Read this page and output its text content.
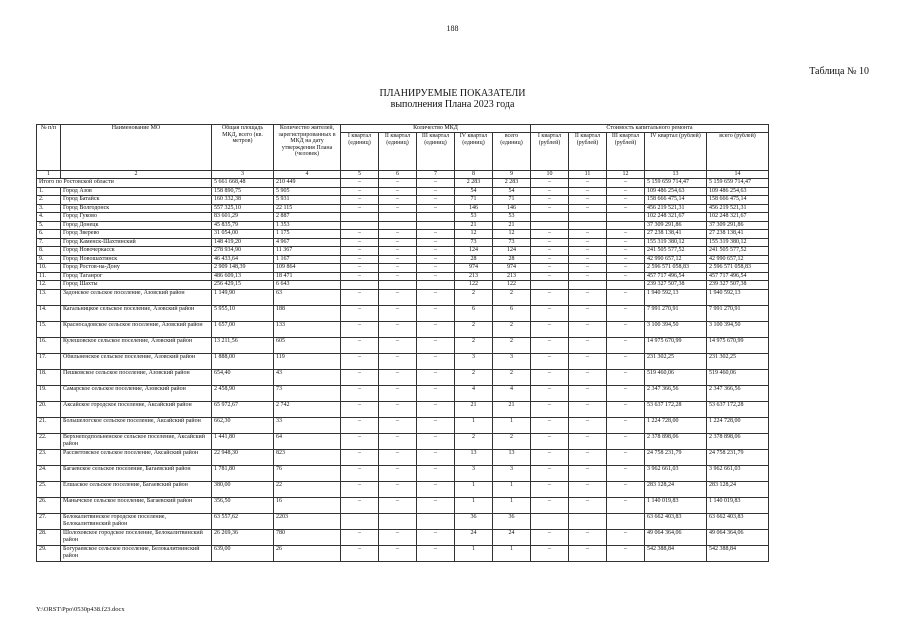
188
Таблица № 10
ПЛАНИРУЕМЫЕ ПОКАЗАТЕЛИ
выполнения Плана 2023 года
№ п/п	Наименование МО	Общая площадь МКД, всего (кв. метров)	Количество жителей, зарегистрированных в МКД на дату утверждения Плана (человек)	Количество МКД					Стоимость капитального ремонта				
				I квартал (единиц)	II квартал (единиц)	III квартал (единиц)	IV квартал (единиц)	всего (единиц)	I квартал (рублей)	II квартал (рублей)	III квартал (рублей)	IV квартал (рублей)	всего (рублей)
1	2	3	4	5	6	7	8	9	10	11	12	13	14
Итого по Ростовской области		5 661 668,48	210 449	–	–	–	2 283	2 283	–	–	–	5 159 659 714,47	5 159 659 714,47
1.	Город Азов	158 890,75	5 905	–	–	–	54	54	–	–	–	109 486 254,63	109 486 254,63
2.	Город Батайск	160 332,38	5 931	–	–	–	71	71	–	–	–	158 666 475,14	158 666 475,14
3.	Город Волгодонск	557 325,10	22 115	–	–	–	146	146	–	–	–	456 219 521,31	456 219 521,31
4.	Город Гуково	83 601,29	2 887				53	53				102 248 321,67	102 248 321,67
5.	Город Донецк	45 835,79	1 353				21	21				37 309 291,86	37 309 291,86
6.	Город Зверево	31 054,00	1 175	–	–	–	12	12	–	–	–	27 238 138,41	27 238 138,41
7.	Город Каменск-Шахтинский	148 419,20	4 967	–	–	–	73	73	–	–	–	155 319 380,12	155 319 380,12
8.	Город Новочеркасск	278 934,90	11 367	–	–	–	124	124	–	–	–	241 505 577,52	241 505 577,52
9.	Город Новошахтинск	46 433,64	1 167	–	–	–	28	28	–	–	–	42 990 657,12	42 990 657,12
10.	Город Ростов-на-Дону	2 909 148,39	109 864	–	–	–	974	974	–	–	–	2 596 571 058,83	2 596 571 058,83
11.	Город Таганрог	486 609,13	18 471	–	–	–	213	213	–	–	–	457 717 496,54	457 717 496,54
12.	Город Шахты	256 429,15	6 643				122	122				239 327 507,38	239 327 507,38
13.	Задонское сельское поселение, Азовский район	1 149,90	63	–	–	–	2	2	–	–	–	1 940 592,13	1 940 592,13
14.	Кагальницкое сельское поселение, Азовский район	5 955,10	188	–	–	–	6	6	–	–	–	7 991 270,91	7 991 270,91
15.	Красносадовское сельское поселение, Азовский район	1 657,00	133	–	–	–	2	2	–	–	–	3 100 394,50	3 100 394,50
16.	Кулешовское сельское поселение, Азовский район	13 211,56	605	–	–	–	2	2	–	–	–	14 975 670,99	14 975 670,99
17.	Обильненское сельское поселение, Азовский район	1 888,00	119	–	–	–	3	3	–	–	–	231 302,25	231 302,25
18.	Пешковское сельское поселение, Азовский район	654,40	43	–	–	–	2	2	–	–	–	519 460,06	519 460,06
19.	Самарское сельское поселение, Азовский район	2 458,90	73	–	–	–	4	4	–	–	–	2 347 366,56	2 347 366,56
20.	Аксайское городское поселение, Аксайский район	65 972,67	2 742	–	–	–	21	21	–	–	–	53 637 172,28	53 637 172,28
21.	Большелогское сельское поселение, Аксайский район	662,30	33	–	–	–	1	1	–	–	–	1 224 728,00	1 224 728,00
22.	Верхнеподпольненское сельское поселение, Аксайский район	1 441,80	64	–	–	–	2	2	–	–	–	2 378 898,06	2 378 898,06
23.	Рассветовское сельское поселение, Аксайский район	22 948,30	823	–	–	–	13	13	–	–	–	24 758 231,79	24 758 231,79
24.	Багаевское сельское поселение, Багаевский район	1 781,80	76	–	–	–	3	3	–	–	–	3 962 661,03	3 962 661,03
25.	Елшаское сельское поселение, Багаевский район	380,00	22	–	–	–	1	1	–	–	–	283 128,24	283 128,24
26.	Манычское сельское поселение, Багаевский район	356,50	16	–	–	–	1	1	–	–	–	1 140 019,83	1 140 019,83
27.	Белокалитвинское городское поселение, Белокалитвинский район	63 557,62	2203				36	36				63 662 403,83	63 662 403,83
28.	Шолоховское городское поселение, Белокалитвинский район	26 269,36	780	–	–	–	24	24	–	–	–	49 064 364,06	49 064 364,06
29.	Богураевское сельское поселение, Белокалитвинский район	639,00	26	–	–	–	1	1	–	–	–	542 388,84	542 388,84
Y:\ORST\Ppo\0530p438.f23.docx
